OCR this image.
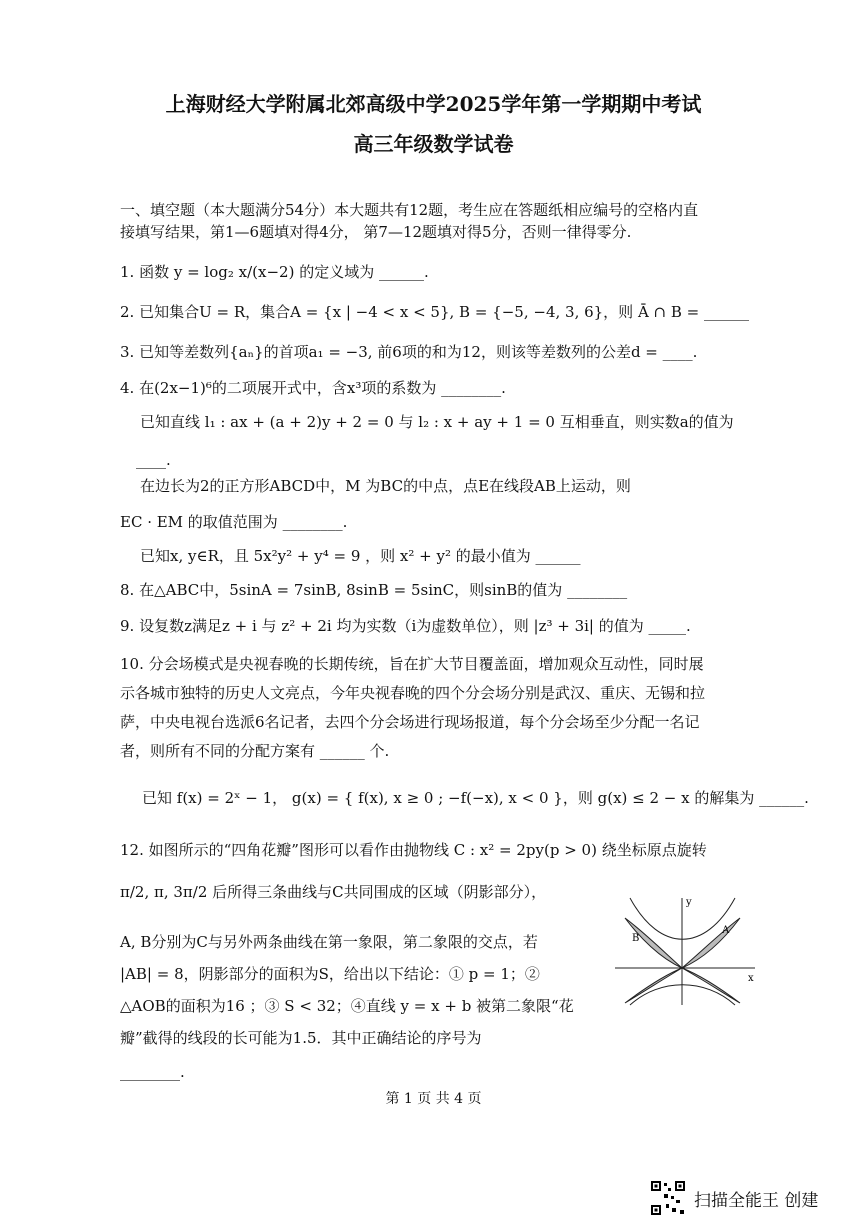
上海财经大学附属北郊高级中学2025学年第一学期期中考试
高三年级数学试卷
一、填空题（本大题满分54分）本大题共有12题，考生应在答题纸相应编号的空格内直
接填写结果，第1—6题填对得4分， 第7—12题填对得5分，否则一律得零分.
1. 函数 y = log₂ x/(x−2) 的定义域为 ______.
2. 已知集合U = R，集合A = {x | −4 < x < 5}, B = {−5, −4, 3, 6}，则 Ā ∩ B = ______
3. 已知等差数列{aₙ}的首项a₁ = −3, 前6项的和为12，则该等差数列的公差d = ____.
4. 在(2x−1)⁶的二项展开式中，含x³项的系数为 ________.
已知直线 l₁ : ax + (a + 2)y + 2 = 0 与 l₂ : x + ay + 1 = 0 互相垂直，则实数a的值为
____.
在边长为2的正方形ABCD中，M 为BC的中点，点E在线段AB上运动，则
EC · EM 的取值范围为 ________.
已知x, y∈R，且 5x²y² + y⁴ = 9 ，则 x² + y² 的最小值为 ______
8. 在△ABC中，5sinA = 7sinB, 8sinB = 5sinC，则sinB的值为 ________
9. 设复数z满足z + i 与 z² + 2i 均为实数（i为虚数单位），则 |z³ + 3i| 的值为 _____.
10. 分会场模式是央视春晚的长期传统，旨在扩大节目覆盖面，增加观众互动性，同时展
示各城市独特的历史人文亮点，今年央视春晚的四个分会场分别是武汉、重庆、无锡和拉
萨，中央电视台选派6名记者，去四个分会场进行现场报道，每个分会场至少分配一名记
者，则所有不同的分配方案有 ______ 个.
已知 f(x) = 2ˣ − 1， g(x) = { f(x), x ≥ 0 ; −f(−x), x < 0 }，则 g(x) ≤ 2 − x 的解集为 ______.
12. 如图所示的“四角花瓣”图形可以看作由抛物线 C : x² = 2py(p > 0) 绕坐标原点旋转
π/2, π, 3π/2 后所得三条曲线与C共同围成的区域（阴影部分），
A, B分别为C与另外两条曲线在第一象限，第二象限的交点，若
|AB| = 8，阴影部分的面积为S，给出以下结论：① p = 1；②
△AOB的面积为16 ；③ S < 32；④直线 y = x + b 被第二象限“花
瓣”截得的线段的长可能为1.5．其中正确结论的序号为
________.
y
x
A
B
第 1 页 共 4 页
扫描全能王 创建
